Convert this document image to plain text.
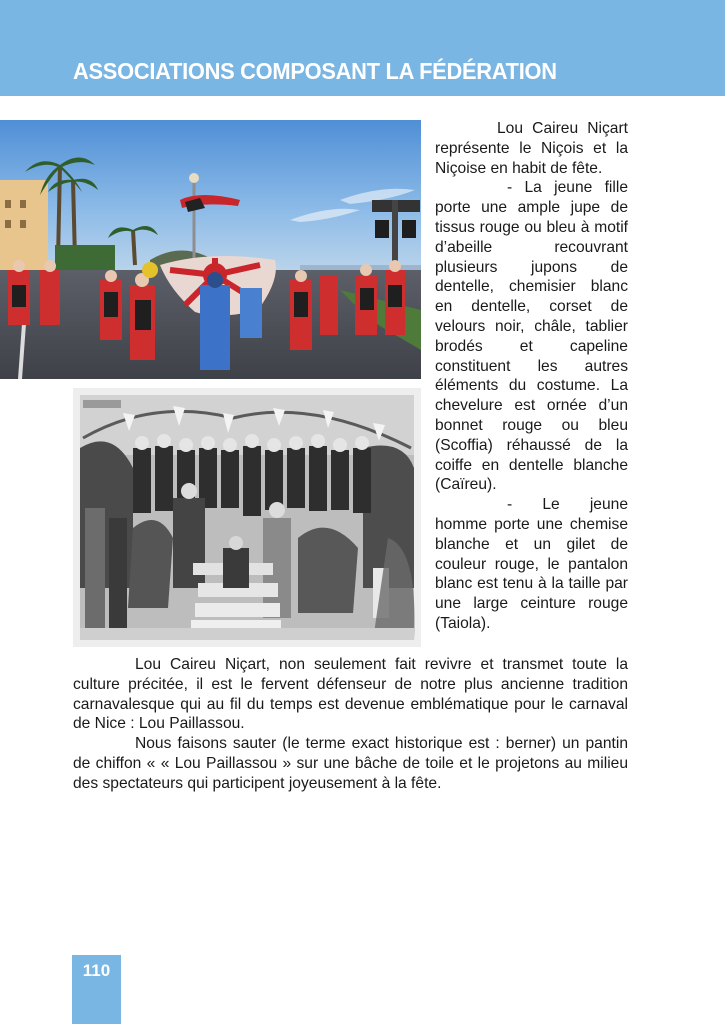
ASSOCIATIONS COMPOSANT LA FÉDÉRATION

Lou Caireu Niçart représente le Niçois et la Niçoise en habit de fête.

- La jeune fille porte une ample jupe de tissus rouge ou bleu à motif d’abeille recouvrant plusieurs jupons de dentelle, chemisier blanc en dentelle, corset de velours noir, châle, tablier brodés et capeline constituent les autres éléments du costume. La chevelure est ornée d’un bonnet rouge ou bleu (Scoffia) réhaussé de la coiffe en dentelle blanche (Caïreu).

- Le jeune homme porte une chemise blanche et un gilet de couleur rouge, le pantalon blanc est tenu à la taille par une large ceinture rouge (Taiola).

Lou Caireu Niçart, non seulement fait revivre et transmet toute la culture précitée, il est le fervent défenseur de notre plus ancienne tradition carnavalesque qui au fil du temps est devenue emblématique pour le carnaval de Nice : Lou Paillassou.

Nous faisons sauter (le terme exact historique est : berner) un pantin de chiffon « « Lou Paillassou » sur une bâche de toile et le projetons au milieu des spectateurs qui participent joyeusement à la fête.

110
